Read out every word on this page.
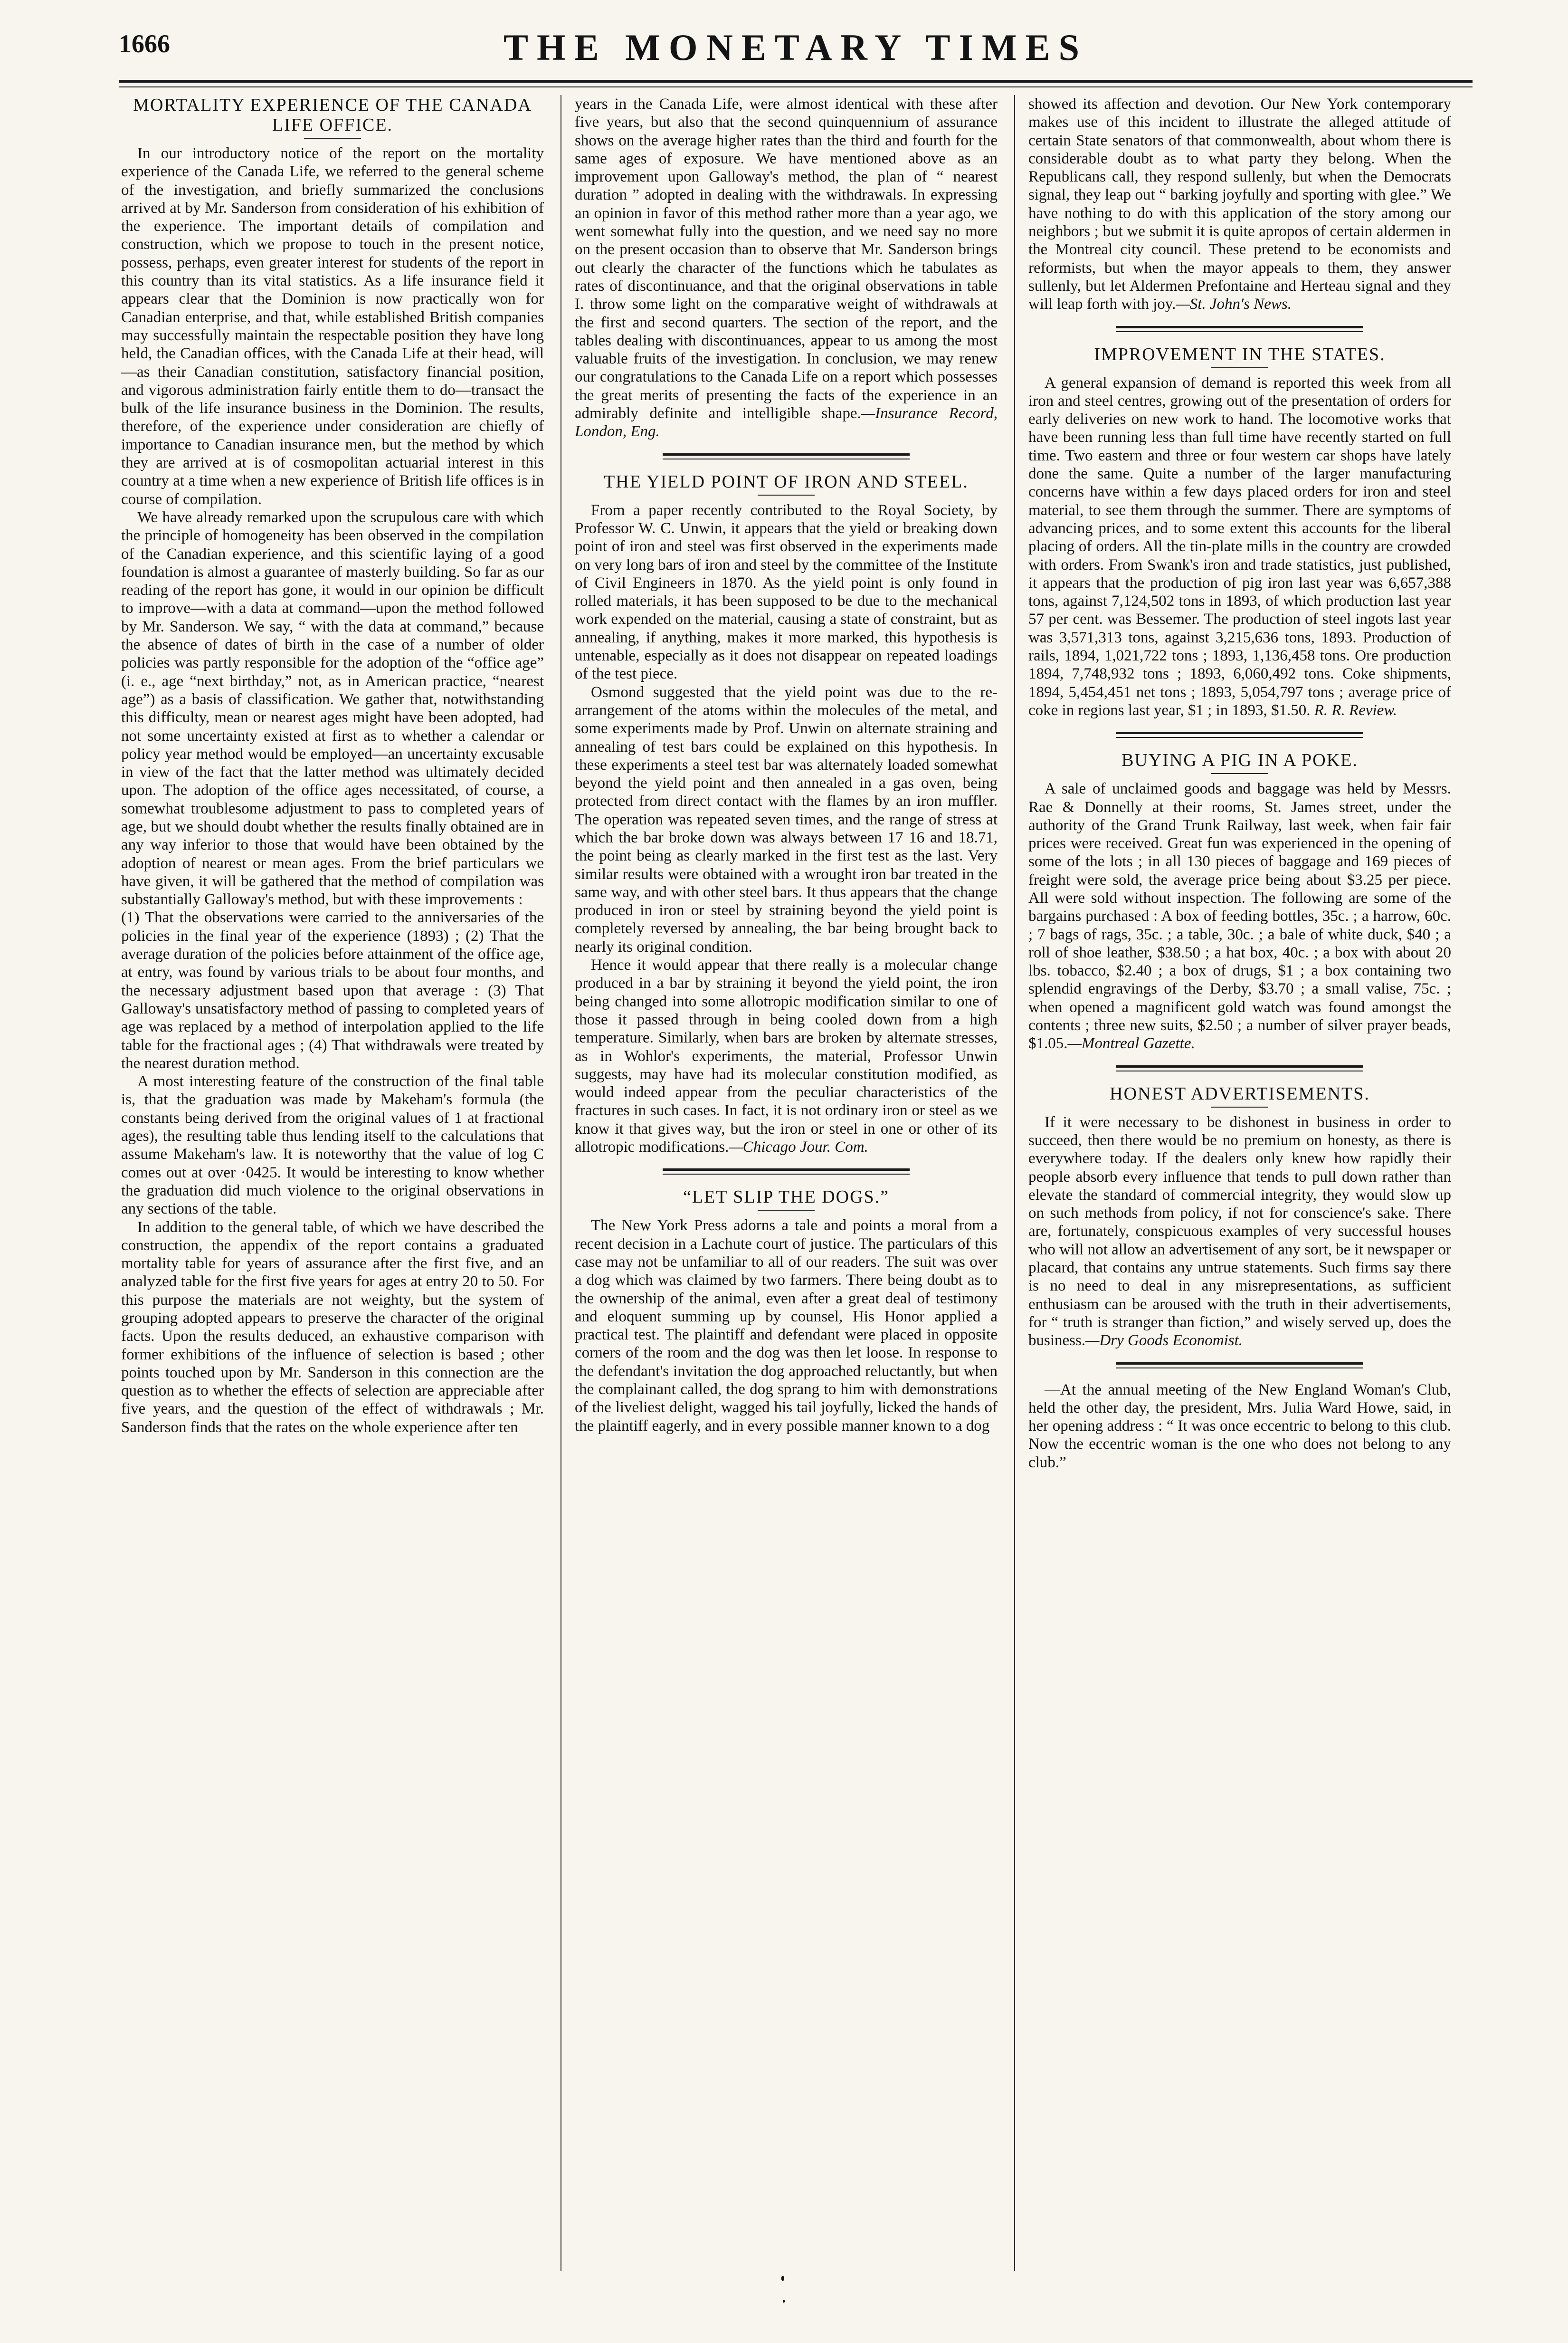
1666	THE MONETARY TIMES
MORTALITY EXPERIENCE OF THE CANADA LIFE OFFICE.

In our introductory notice of the report on the mortality experience of the Canada Life, we referred to the general scheme of the investigation, and briefly summarized the conclusions arrived at by Mr. Sanderson from consideration of his exhibition of the experience. The important details of compilation and construction, which we propose to touch in the present notice, possess, perhaps, even greater interest for students of the report in this country than its vital statistics. As a life insurance field it appears clear that the Dominion is now practically won for Canadian enterprise, and that, while established British companies may successfully maintain the respectable position they have long held, the Canadian offices, with the Canada Life at their head, will—as their Canadian constitution, satisfactory financial position, and vigorous administration fairly entitle them to do—transact the bulk of the life insurance business in the Dominion. The results, therefore, of the experience under consideration are chiefly of importance to Canadian insurance men, but the method by which they are arrived at is of cosmopolitan actuarial interest in this country at a time when a new experience of British life offices is in course of compilation.

We have already remarked upon the scrupulous care with which the principle of homogeneity has been observed in the compilation of the Canadian experience, and this scientific laying of a good foundation is almost a guarantee of masterly building. So far as our reading of the report has gone, it would in our opinion be difficult to improve—with a data at command—upon the method followed by Mr. Sanderson. We say, “ with the data at command,” because the absence of dates of birth in the case of a number of older policies was partly responsible for the adoption of the “office age” (i. e., age “next birthday,” not, as in American practice, “nearest age”) as a basis of classification. We gather that, notwithstanding this difficulty, mean or nearest ages might have been adopted, had not some uncertainty existed at first as to whether a calendar or policy year method would be employed—an uncertainty excusable in view of the fact that the latter method was ultimately decided upon. The adoption of the office ages necessitated, of course, a somewhat troublesome adjustment to pass to completed years of age, but we should doubt whether the results finally obtained are in any way inferior to those that would have been obtained by the adoption of nearest or mean ages. From the brief particulars we have given, it will be gathered that the method of compilation was substantially Galloway's method, but with these improvements :

(1) That the observations were carried to the anniversaries of the policies in the final year of the experience (1893) ; (2) That the average duration of the policies before attainment of the office age, at entry, was found by various trials to be about four months, and the necessary adjustment based upon that average : (3) That Galloway's unsatisfactory method of passing to completed years of age was replaced by a method of interpolation applied to the life table for the fractional ages ; (4) That withdrawals were treated by the nearest duration method.

A most interesting feature of the construction of the final table is, that the graduation was made by Makeham's formula (the constants being derived from the original values of 1 at fractional ages), the resulting table thus lending itself to the calculations that assume Makeham's law. It is noteworthy that the value of log C comes out at over ·0425. It would be interesting to know whether the graduation did much violence to the original observations in any sections of the table.

In addition to the general table, of which we have described the construction, the appendix of the report contains a graduated mortality table for years of assurance after the first five, and an analyzed table for the first five years for ages at entry 20 to 50. For this purpose the materials are not weighty, but the system of grouping adopted appears to preserve the character of the original facts. Upon the results deduced, an exhaustive comparison with former exhibitions of the influence of selection is based ; other points touched upon by Mr. Sanderson in this connection are the question as to whether the effects of selection are appreciable after five years, and the question of the effect of withdrawals ; Mr. Sanderson finds that the rates on the whole experience after ten

years in the Canada Life, were almost identical with these after five years, but also that the second quinquennium of assurance shows on the average higher rates than the third and fourth for the same ages of exposure. We have mentioned above as an improvement upon Galloway's method, the plan of “ nearest duration ” adopted in dealing with the withdrawals. In expressing an opinion in favor of this method rather more than a year ago, we went somewhat fully into the question, and we need say no more on the present occasion than to observe that Mr. Sanderson brings out clearly the character of the functions which he tabulates as rates of discontinuance, and that the original observations in table I. throw some light on the comparative weight of withdrawals at the first and second quarters. The section of the report, and the tables dealing with discontinuances, appear to us among the most valuable fruits of the investigation. In conclusion, we may renew our congratulations to the Canada Life on a report which possesses the great merits of presenting the facts of the experience in an admirably definite and intelligible shape.—Insurance Record, London, Eng.

THE YIELD POINT OF IRON AND STEEL.

From a paper recently contributed to the Royal Society, by Professor W. C. Unwin, it appears that the yield or breaking down point of iron and steel was first observed in the experiments made on very long bars of iron and steel by the committee of the Institute of Civil Engineers in 1870. As the yield point is only found in rolled materials, it has been supposed to be due to the mechanical work expended on the material, causing a state of constraint, but as annealing, if anything, makes it more marked, this hypothesis is untenable, especially as it does not disappear on repeated loadings of the test piece.

Osmond suggested that the yield point was due to the re-arrangement of the atoms within the molecules of the metal, and some experiments made by Prof. Unwin on alternate straining and annealing of test bars could be explained on this hypothesis. In these experiments a steel test bar was alternately loaded somewhat beyond the yield point and then annealed in a gas oven, being protected from direct contact with the flames by an iron muffler. The operation was repeated seven times, and the range of stress at which the bar broke down was always between 17 16 and 18.71, the point being as clearly marked in the first test as the last. Very similar results were obtained with a wrought iron bar treated in the same way, and with other steel bars. It thus appears that the change produced in iron or steel by straining beyond the yield point is completely reversed by annealing, the bar being brought back to nearly its original condition.

Hence it would appear that there really is a molecular change produced in a bar by straining it beyond the yield point, the iron being changed into some allotropic modification similar to one of those it passed through in being cooled down from a high temperature. Similarly, when bars are broken by alternate stresses, as in Wohlor's experiments, the material, Professor Unwin suggests, may have had its molecular constitution modified, as would indeed appear from the peculiar characteristics of the fractures in such cases. In fact, it is not ordinary iron or steel as we know it that gives way, but the iron or steel in one or other of its allotropic modifications.—Chicago Jour. Com.

“LET SLIP THE DOGS.”

The New York Press adorns a tale and points a moral from a recent decision in a Lachute court of justice. The particulars of this case may not be unfamiliar to all of our readers. The suit was over a dog which was claimed by two farmers. There being doubt as to the ownership of the animal, even after a great deal of testimony and eloquent summing up by counsel, His Honor applied a practical test. The plaintiff and defendant were placed in opposite corners of the room and the dog was then let loose. In response to the defendant's invitation the dog approached reluctantly, but when the complainant called, the dog sprang to him with demonstrations of the liveliest delight, wagged his tail joyfully, licked the hands of the plaintiff eagerly, and in every possible manner known to a dog

showed its affection and devotion. Our New York contemporary makes use of this incident to illustrate the alleged attitude of certain State senators of that commonwealth, about whom there is considerable doubt as to what party they belong. When the Republicans call, they respond sullenly, but when the Democrats signal, they leap out “ barking joyfully and sporting with glee.” We have nothing to do with this application of the story among our neighbors ; but we submit it is quite apropos of certain aldermen in the Montreal city council. These pretend to be economists and reformists, but when the mayor appeals to them, they answer sullenly, but let Aldermen Prefontaine and Herteau signal and they will leap forth with joy.—St. John's News.

IMPROVEMENT IN THE STATES.

A general expansion of demand is reported this week from all iron and steel centres, growing out of the presentation of orders for early deliveries on new work to hand. The locomotive works that have been running less than full time have recently started on full time. Two eastern and three or four western car shops have lately done the same. Quite a number of the larger manufacturing concerns have within a few days placed orders for iron and steel material, to see them through the summer. There are symptoms of advancing prices, and to some extent this accounts for the liberal placing of orders. All the tin-plate mills in the country are crowded with orders. From Swank's iron and trade statistics, just published, it appears that the production of pig iron last year was 6,657,388 tons, against 7,124,502 tons in 1893, of which production last year 57 per cent. was Bessemer. The production of steel ingots last year was 3,571,313 tons, against 3,215,636 tons, 1893. Production of rails, 1894, 1,021,722 tons ; 1893, 1,136,458 tons. Ore production 1894, 7,748,932 tons ; 1893, 6,060,492 tons. Coke shipments, 1894, 5,454,451 net tons ; 1893, 5,054,797 tons ; average price of coke in regions last year, $1 ; in 1893, $1.50. R. R. Review.

BUYING A PIG IN A POKE.

A sale of unclaimed goods and baggage was held by Messrs. Rae & Donnelly at their rooms, St. James street, under the authority of the Grand Trunk Railway, last week, when fair fair prices were received. Great fun was experienced in the opening of some of the lots ; in all 130 pieces of baggage and 169 pieces of freight were sold, the average price being about $3.25 per piece. All were sold without inspection. The following are some of the bargains purchased : A box of feeding bottles, 35c. ; a harrow, 60c. ; 7 bags of rags, 35c. ; a table, 30c. ; a bale of white duck, $40 ; a roll of shoe leather, $38.50 ; a hat box, 40c. ; a box with about 20 lbs. tobacco, $2.40 ; a box of drugs, $1 ; a box containing two splendid engravings of the Derby, $3.70 ; a small valise, 75c. ; when opened a magnificent gold watch was found amongst the contents ; three new suits, $2.50 ; a number of silver prayer beads, $1.05.—Montreal Gazette.

HONEST ADVERTISEMENTS.

If it were necessary to be dishonest in business in order to succeed, then there would be no premium on honesty, as there is everywhere today. If the dealers only knew how rapidly their people absorb every influence that tends to pull down rather than elevate the standard of commercial integrity, they would slow up on such methods from policy, if not for conscience's sake. There are, fortunately, conspicuous examples of very successful houses who will not allow an advertisement of any sort, be it newspaper or placard, that contains any untrue statements. Such firms say there is no need to deal in any misrepresentations, as sufficient enthusiasm can be aroused with the truth in their advertisements, for “ truth is stranger than fiction,” and wisely served up, does the business.—Dry Goods Economist.

—At the annual meeting of the New England Woman's Club, held the other day, the president, Mrs. Julia Ward Howe, said, in her opening address : “ It was once eccentric to belong to this club. Now the eccentric woman is the one who does not belong to any club.”
